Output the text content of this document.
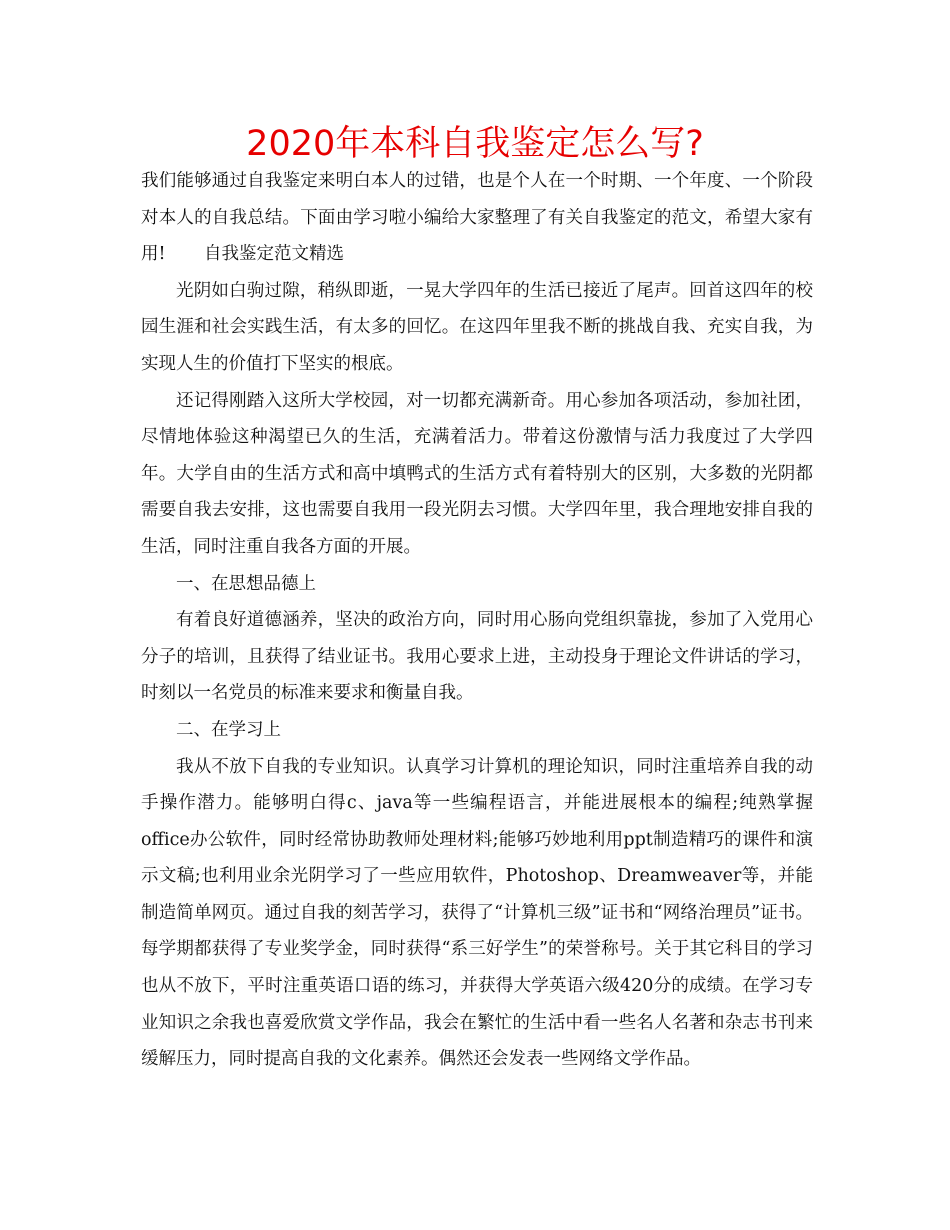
2020年本科自我鉴定怎么写?

我们能够通过自我鉴定来明白本人的过错，也是个人在一个时期、一个年度、一个阶段对本人的自我总结。下面由学习啦小编给大家整理了有关自我鉴定的范文，希望大家有用! 自我鉴定范文精选

光阴如白驹过隙，稍纵即逝，一晃大学四年的生活已接近了尾声。回首这四年的校园生涯和社会实践生活，有太多的回忆。在这四年里我不断的挑战自我、充实自我，为实现人生的价值打下坚实的根底。

还记得刚踏入这所大学校园，对一切都充满新奇。用心参加各项活动，参加社团，尽情地体验这种渴望已久的生活，充满着活力。带着这份激情与活力我度过了大学四年。大学自由的生活方式和高中填鸭式的生活方式有着特别大的区别，大多数的光阴都需要自我去安排，这也需要自我用一段光阴去习惯。大学四年里，我合理地安排自我的生活，同时注重自我各方面的开展。

一、在思想品德上

有着良好道德涵养，坚决的政治方向，同时用心肠向党组织靠拢，参加了入党用心分子的培训，且获得了结业证书。我用心要求上进，主动投身于理论文件讲话的学习，时刻以一名党员的标准来要求和衡量自我。

二、在学习上

我从不放下自我的专业知识。认真学习计算机的理论知识，同时注重培养自我的动手操作潜力。能够明白得c、java等一些编程语言，并能进展根本的编程;纯熟掌握office办公软件，同时经常协助教师处理材料;能够巧妙地利用ppt制造精巧的课件和演示文稿;也利用业余光阴学习了一些应用软件，Photoshop、Dreamweaver等，并能制造简单网页。通过自我的刻苦学习，获得了“计算机三级”证书和“网络治理员”证书。每学期都获得了专业奖学金，同时获得“系三好学生”的荣誉称号。关于其它科目的学习也从不放下，平时注重英语口语的练习，并获得大学英语六级420分的成绩。在学习专业知识之余我也喜爱欣赏文学作品，我会在繁忙的生活中看一些名人名著和杂志书刊来缓解压力，同时提高自我的文化素养。偶然还会发表一些网络文学作品。
